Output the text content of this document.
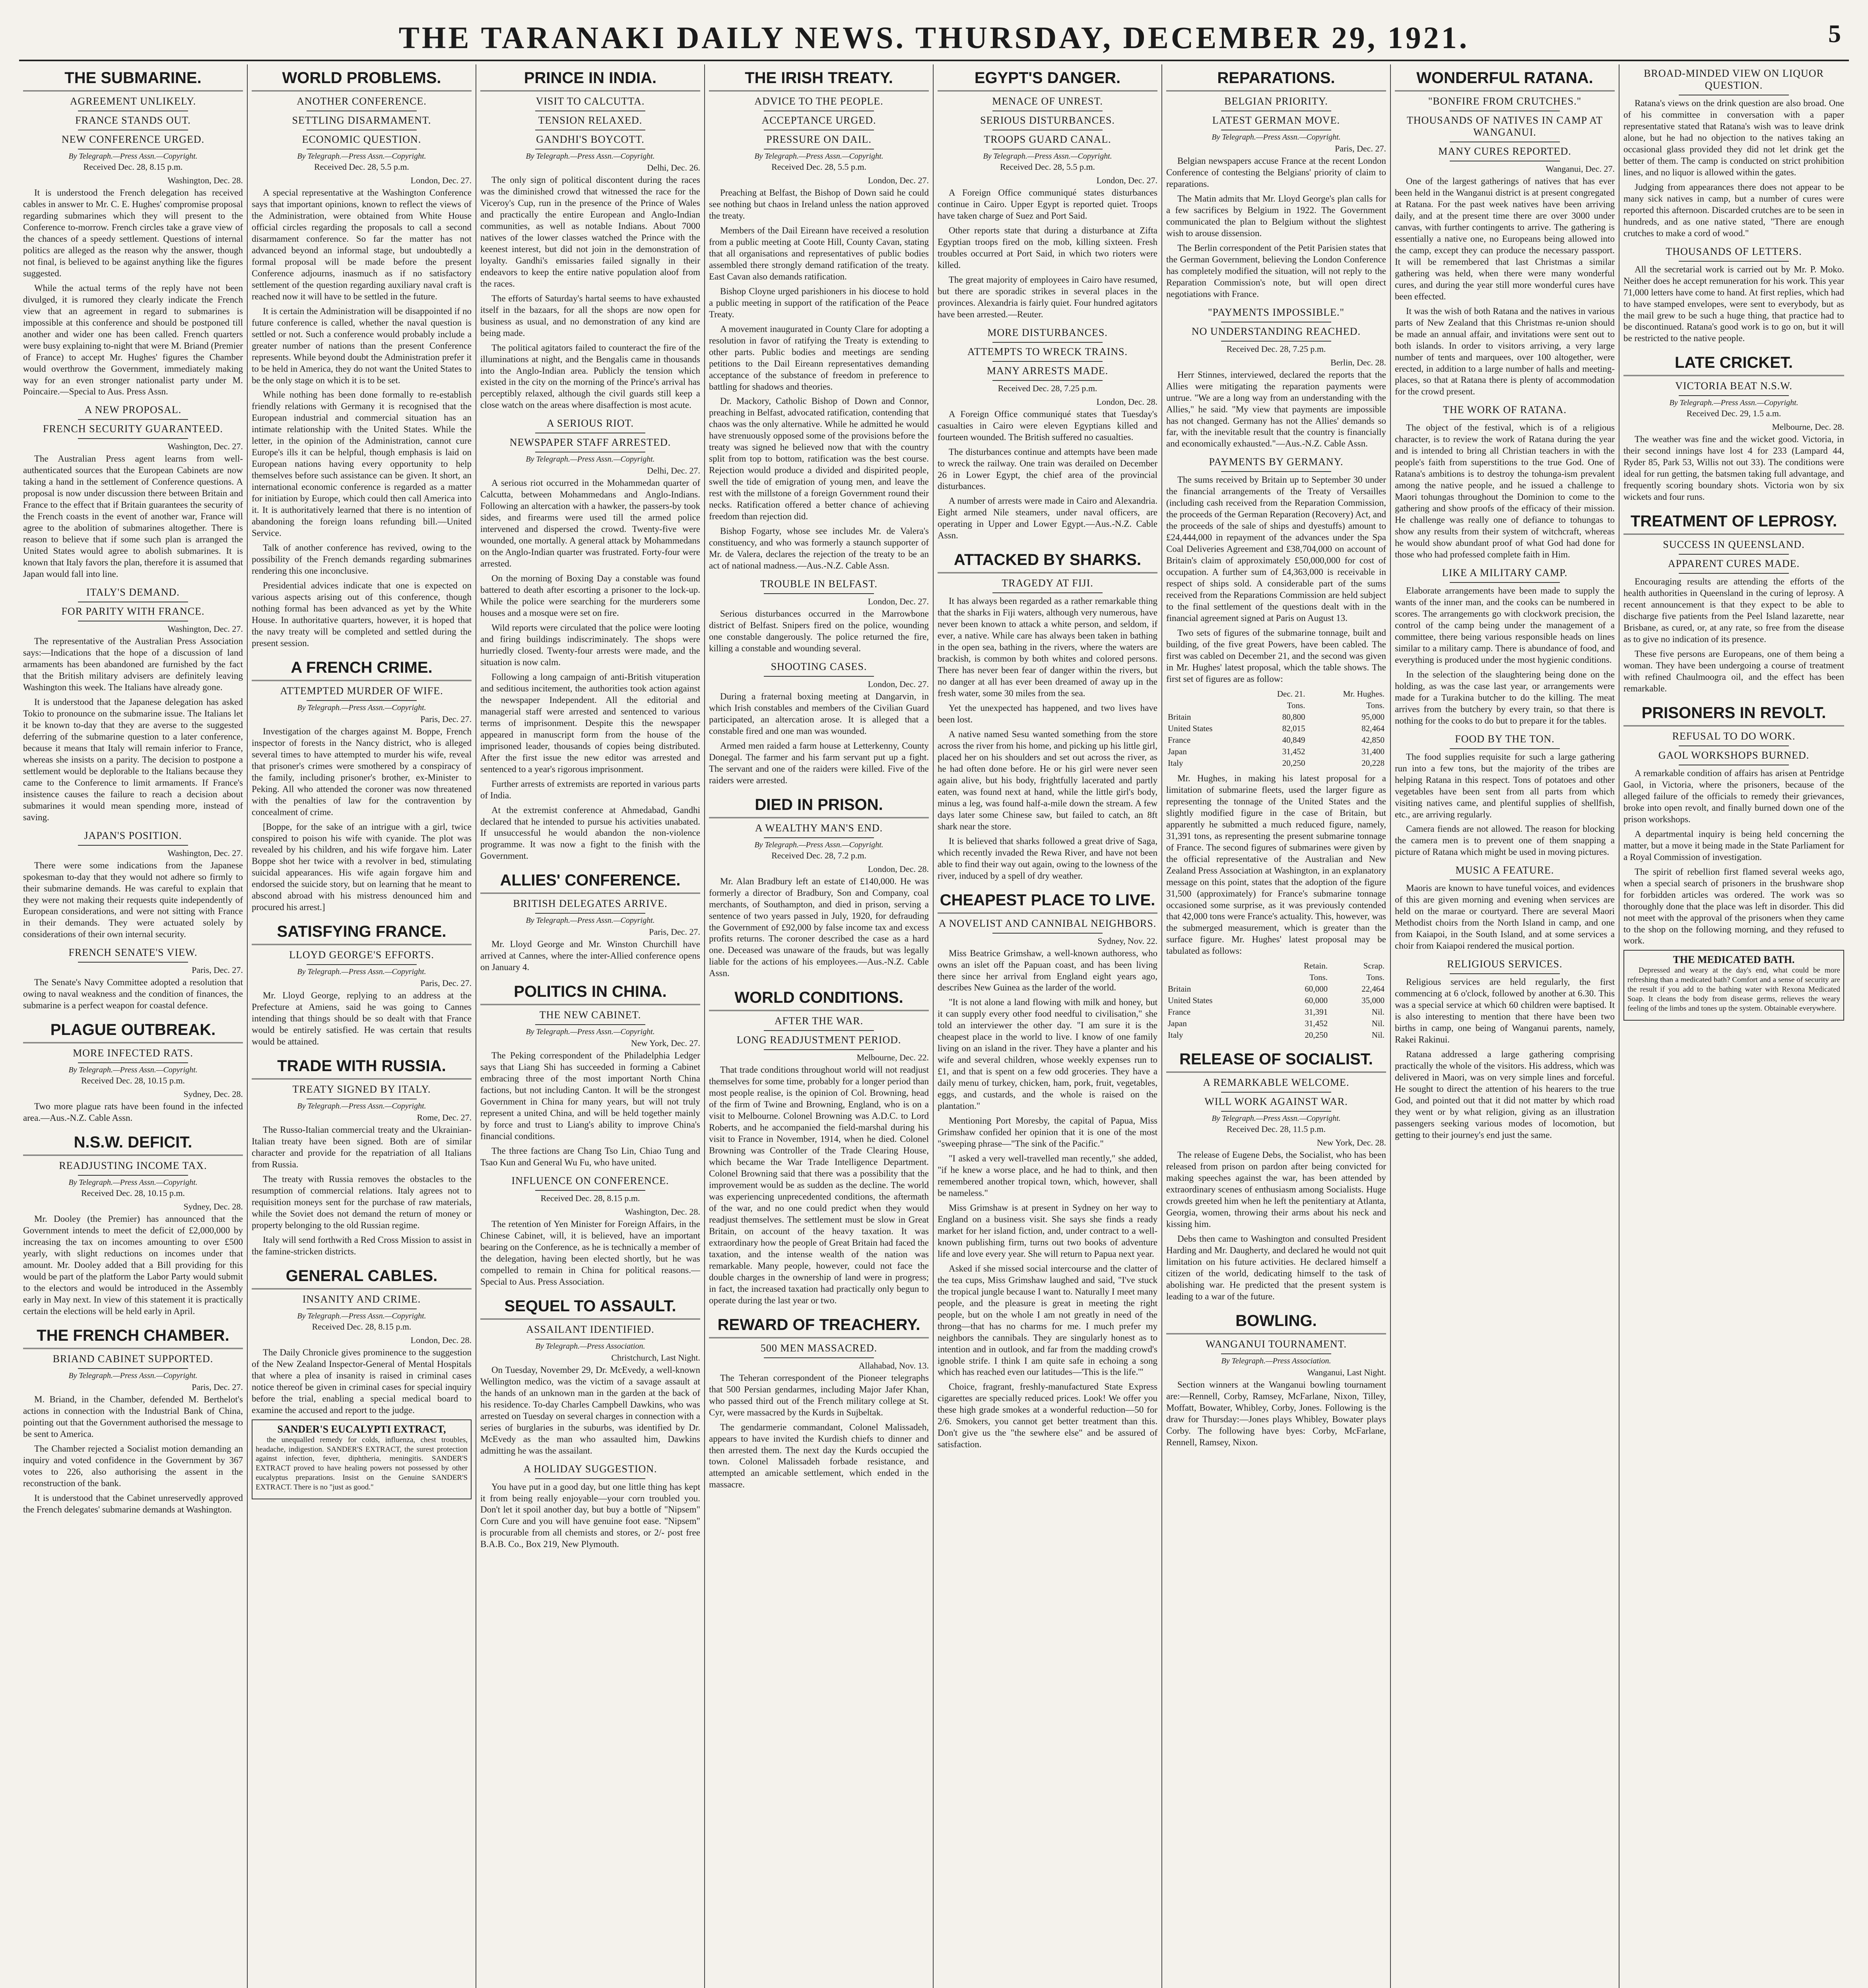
THE TARANAKI DAILY NEWS. THURSDAY, DECEMBER 29, 1921.	5
THE SUBMARINE.
AGREEMENT UNLIKELY.
FRANCE STANDS OUT.
NEW CONFERENCE URGED.
By Telegraph.—Press Assn.—Copyright.
Received Dec. 28, 8.15 p.m.
Washington, Dec. 28.

It is understood the French delegation has received cables in answer to Mr. C. E. Hughes' compromise proposal regarding submarines which they will present to the Conference to-morrow. French circles take a grave view of the chances of a speedy settlement. Questions of internal politics are alleged as the reason why the answer, though not final, is believed to be against anything like the figures suggested.

While the actual terms of the reply have not been divulged, it is rumored they clearly indicate the French view that an agreement in regard to submarines is impossible at this conference and should be postponed till another and wider one has been called. French quarters were busy explaining to-night that were M. Briand (Premier of France) to accept Mr. Hughes' figures the Chamber would overthrow the Government, immediately making way for an even stronger nationalist party under M. Poincaire.—Special to Aus. Press Assn.

A NEW PROPOSAL.
FRENCH SECURITY GUARANTEED.
Washington, Dec. 27.

The Australian Press agent learns from well-authenticated sources that the European Cabinets are now taking a hand in the settlement of Conference questions. A proposal is now under discussion there between Britain and France to the effect that if Britain guarantees the security of the French coasts in the event of another war, France will agree to the abolition of submarines altogether. There is reason to believe that if some such plan is arranged the United States would agree to abolish submarines. It is known that Italy favors the plan, therefore it is assumed that Japan would fall into line.

ITALY'S DEMAND.
FOR PARITY WITH FRANCE.
Washington, Dec. 27.

The representative of the Australian Press Association says:—Indications that the hope of a discussion of land armaments has been abandoned are furnished by the fact that the British military advisers are definitely leaving Washington this week. The Italians have already gone.

It is understood that the Japanese delegation has asked Tokio to pronounce on the submarine issue. The Italians let it be known to-day that they are averse to the suggested deferring of the submarine question to a later conference, because it means that Italy will remain inferior to France, whereas she insists on a parity. The decision to postpone a settlement would be deplorable to the Italians because they came to the Conference to limit armaments. If France's insistence causes the failure to reach a decision about submarines it would mean spending more, instead of saving.

JAPAN'S POSITION.
Washington, Dec. 27.

There were some indications from the Japanese spokesman to-day that they would not adhere so firmly to their submarine demands. He was careful to explain that they were not making their requests quite independently of European considerations, and were not sitting with France in their demands. They were actuated solely by considerations of their own internal security.

FRENCH SENATE'S VIEW.
Paris, Dec. 27.

The Senate's Navy Committee adopted a resolution that owing to naval weakness and the condition of finances, the submarine is a perfect weapon for coastal defence.

PLAGUE OUTBREAK.
MORE INFECTED RATS.
By Telegraph.—Press Assn.—Copyright.
Received Dec. 28, 10.15 p.m.
Sydney, Dec. 28.

Two more plague rats have been found in the infected area.—Aus.-N.Z. Cable Assn.

N.S.W. DEFICIT.
READJUSTING INCOME TAX.
By Telegraph.—Press Assn.—Copyright.
Received Dec. 28, 10.15 p.m.
Sydney, Dec. 28.

Mr. Dooley (the Premier) has announced that the Government intends to meet the deficit of £2,000,000 by increasing the tax on incomes amounting to over £500 yearly, with slight reductions on incomes under that amount. Mr. Dooley added that a Bill providing for this would be part of the platform the Labor Party would submit to the electors and would be introduced in the Assembly early in May next. In view of this statement it is practically certain the elections will be held early in April.

THE FRENCH CHAMBER.
BRIAND CABINET SUPPORTED.
By Telegraph.—Press Assn.—Copyright.
Paris, Dec. 27.

M. Briand, in the Chamber, defended M. Berthelot's actions in connection with the Industrial Bank of China, pointing out that the Government authorised the message to be sent to America.

The Chamber rejected a Socialist motion demanding an inquiry and voted confidence in the Government by 367 votes to 226, also authorising the assent in the reconstruction of the bank.

It is understood that the Cabinet unreservedly approved the French delegates' submarine demands at Washington.

WORLD PROBLEMS.
ANOTHER CONFERENCE.
SETTLING DISARMAMENT.
ECONOMIC QUESTION.
By Telegraph.—Press Assn.—Copyright.
Received Dec. 28, 5.5 p.m.
London, Dec. 27.

A special representative at the Washington Conference says that important opinions, known to reflect the views of the Administration, were obtained from White House official circles regarding the proposals to call a second disarmament conference. So far the matter has not advanced beyond an informal stage, but undoubtedly a formal proposal will be made before the present Conference adjourns, inasmuch as if no satisfactory settlement of the question regarding auxiliary naval craft is reached now it will have to be settled in the future.

It is certain the Administration will be disappointed if no future conference is called, whether the naval question is settled or not. Such a conference would probably include a greater number of nations than the present Conference represents. While beyond doubt the Administration prefer it to be held in America, they do not want the United States to be the only stage on which it is to be set.

While nothing has been done formally to re-establish friendly relations with Germany it is recognised that the European industrial and commercial situation has an intimate relationship with the United States. While the letter, in the opinion of the Administration, cannot cure Europe's ills it can be helpful, though emphasis is laid on European nations having every opportunity to help themselves before such assistance can be given. It short, an international economic conference is regarded as a matter for initiation by Europe, which could then call America into it. It is authoritatively learned that there is no intention of abandoning the foreign loans refunding bill.—United Service.

Talk of another conference has revived, owing to the possibility of the French demands regarding submarines rendering this one inconclusive.

Presidential advices indicate that one is expected on various aspects arising out of this conference, though nothing formal has been advanced as yet by the White House. In authoritative quarters, however, it is hoped that the navy treaty will be completed and settled during the present session.

A FRENCH CRIME.
ATTEMPTED MURDER OF WIFE.
By Telegraph.—Press Assn.—Copyright.
Paris, Dec. 27.

Investigation of the charges against M. Boppe, French inspector of forests in the Nancy district, who is alleged several times to have attempted to murder his wife, reveal that prisoner's crimes were smothered by a conspiracy of the family, including prisoner's brother, ex-Minister to Peking. All who attended the coroner was now threatened with the penalties of law for the contravention by concealment of crime.

[Boppe, for the sake of an intrigue with a girl, twice conspired to poison his wife with cyanide. The plot was revealed by his children, and his wife forgave him. Later Boppe shot her twice with a revolver in bed, stimulating suicidal appearances. His wife again forgave him and endorsed the suicide story, but on learning that he meant to abscond abroad with his mistress denounced him and procured his arrest.]

SATISFYING FRANCE.
LLOYD GEORGE'S EFFORTS.
By Telegraph.—Press Assn.—Copyright.
Paris, Dec. 27.

Mr. Lloyd George, replying to an address at the Prefecture at Amiens, said he was going to Cannes intending that things should be so dealt with that France would be entirely satisfied. He was certain that results would be attained.

TRADE WITH RUSSIA.
TREATY SIGNED BY ITALY.
By Telegraph.—Press Assn.—Copyright.
Rome, Dec. 27.

The Russo-Italian commercial treaty and the Ukrainian-Italian treaty have been signed. Both are of similar character and provide for the repatriation of all Italians from Russia.

The treaty with Russia removes the obstacles to the resumption of commercial relations. Italy agrees not to requisition moneys sent for the purchase of raw materials, while the Soviet does not demand the return of money or property belonging to the old Russian regime.

Italy will send forthwith a Red Cross Mission to assist in the famine-stricken districts.

GENERAL CABLES.
INSANITY AND CRIME.
By Telegraph.—Press Assn.—Copyright.
Received Dec. 28, 8.15 p.m.
London, Dec. 28.

The Daily Chronicle gives prominence to the suggestion of the New Zealand Inspector-General of Mental Hospitals that where a plea of insanity is raised in criminal cases notice thereof be given in criminal cases for special inquiry before the trial, enabling a special medical board to examine the accused and report to the judge.

SANDER'S EUCALYPTI EXTRACT,

the unequalled remedy for colds, influenza, chest troubles, headache, indigestion. SANDER'S EXTRACT, the surest protection against infection, fever, diphtheria, meningitis. SANDER'S EXTRACT proved to have healing powers not possessed by other eucalyptus preparations. Insist on the Genuine SANDER'S EXTRACT. There is no "just as good."

PRINCE IN INDIA.
VISIT TO CALCUTTA.
TENSION RELAXED.
GANDHI'S BOYCOTT.
By Telegraph.—Press Assn.—Copyright.
Delhi, Dec. 26.

The only sign of political discontent during the races was the diminished crowd that witnessed the race for the Viceroy's Cup, run in the presence of the Prince of Wales and practically the entire European and Anglo-Indian communities, as well as notable Indians. About 7000 natives of the lower classes watched the Prince with the keenest interest, but did not join in the demonstration of loyalty. Gandhi's emissaries failed signally in their endeavors to keep the entire native population aloof from the races.

The efforts of Saturday's hartal seems to have exhausted itself in the bazaars, for all the shops are now open for business as usual, and no demonstration of any kind are being made.

The political agitators failed to counteract the fire of the illuminations at night, and the Bengalis came in thousands into the Anglo-Indian area. Publicly the tension which existed in the city on the morning of the Prince's arrival has perceptibly relaxed, although the civil guards still keep a close watch on the areas where disaffection is most acute.

A SERIOUS RIOT.
NEWSPAPER STAFF ARRESTED.
By Telegraph.—Press Assn.—Copyright.
Delhi, Dec. 27.

A serious riot occurred in the Mohammedan quarter of Calcutta, between Mohammedans and Anglo-Indians. Following an altercation with a hawker, the passers-by took sides, and firearms were used till the armed police intervened and dispersed the crowd. Twenty-five were wounded, one mortally. A general attack by Mohammedans on the Anglo-Indian quarter was frustrated. Forty-four were arrested.

On the morning of Boxing Day a constable was found battered to death after escorting a prisoner to the lock-up. While the police were searching for the murderers some houses and a mosque were set on fire.

Wild reports were circulated that the police were looting and firing buildings indiscriminately. The shops were hurriedly closed. Twenty-four arrests were made, and the situation is now calm.

Following a long campaign of anti-British vituperation and seditious incitement, the authorities took action against the newspaper Independent. All the editorial and managerial staff were arrested and sentenced to various terms of imprisonment. Despite this the newspaper appeared in manuscript form from the house of the imprisoned leader, thousands of copies being distributed. After the first issue the new editor was arrested and sentenced to a year's rigorous imprisonment.

Further arrests of extremists are reported in various parts of India.

At the extremist conference at Ahmedabad, Gandhi declared that he intended to pursue his activities unabated. If unsuccessful he would abandon the non-violence programme. It was now a fight to the finish with the Government.

ALLIES' CONFERENCE.
BRITISH DELEGATES ARRIVE.
By Telegraph.—Press Assn.—Copyright.
Paris, Dec. 27.

Mr. Lloyd George and Mr. Winston Churchill have arrived at Cannes, where the inter-Allied conference opens on January 4.

POLITICS IN CHINA.
THE NEW CABINET.
By Telegraph.—Press Assn.—Copyright.
New York, Dec. 27.

The Peking correspondent of the Philadelphia Ledger says that Liang Shi has succeeded in forming a Cabinet embracing three of the most important North China factions, but not including Canton. It will be the strongest Government in China for many years, but will not truly represent a united China, and will be held together mainly by force and trust to Liang's ability to improve China's financial conditions.

The three factions are Chang Tso Lin, Chiao Tung and Tsao Kun and General Wu Fu, who have united.

INFLUENCE ON CONFERENCE.
Received Dec. 28, 8.15 p.m.
Washington, Dec. 28.

The retention of Yen Minister for Foreign Affairs, in the Chinese Cabinet, will, it is believed, have an important bearing on the Conference, as he is technically a member of the delegation, having been elected shortly, but he was compelled to remain in China for political reasons.—Special to Aus. Press Association.

SEQUEL TO ASSAULT.
ASSAILANT IDENTIFIED.
By Telegraph.—Press Association.
Christchurch, Last Night.

On Tuesday, November 29, Dr. McEvedy, a well-known Wellington medico, was the victim of a savage assault at the hands of an unknown man in the garden at the back of his residence. To-day Charles Campbell Dawkins, who was arrested on Tuesday on several charges in connection with a series of burglaries in the suburbs, was identified by Dr. McEvedy as the man who assaulted him, Dawkins admitting he was the assailant.

A HOLIDAY SUGGESTION.

You have put in a good day, but one little thing has kept it from being really enjoyable—your corn troubled you. Don't let it spoil another day, but buy a bottle of "Nipsem" Corn Cure and you will have genuine foot ease. "Nipsem" is procurable from all chemists and stores, or 2/- post free B.A.B. Co., Box 219, New Plymouth.

THE IRISH TREATY.
ADVICE TO THE PEOPLE.
ACCEPTANCE URGED.
PRESSURE ON DAIL.
By Telegraph.—Press Assn.—Copyright.
Received Dec. 28, 5.5 p.m.
London, Dec. 27.

Preaching at Belfast, the Bishop of Down said he could see nothing but chaos in Ireland unless the nation approved the treaty.

Members of the Dail Eireann have received a resolution from a public meeting at Coote Hill, County Cavan, stating that all organisations and representatives of public bodies assembled there strongly demand ratification of the treaty. East Cavan also demands ratification.

Bishop Cloyne urged parishioners in his diocese to hold a public meeting in support of the ratification of the Peace Treaty.

A movement inaugurated in County Clare for adopting a resolution in favor of ratifying the Treaty is extending to other parts. Public bodies and meetings are sending petitions to the Dail Eireann representatives demanding acceptance of the substance of freedom in preference to battling for shadows and theories.

Dr. Mackory, Catholic Bishop of Down and Connor, preaching in Belfast, advocated ratification, contending that chaos was the only alternative. While he admitted he would have strenuously opposed some of the provisions before the treaty was signed he believed now that with the country split from top to bottom, ratification was the best course. Rejection would produce a divided and dispirited people, swell the tide of emigration of young men, and leave the rest with the millstone of a foreign Government round their necks. Ratification offered a better chance of achieving freedom than rejection did.

Bishop Fogarty, whose see includes Mr. de Valera's constituency, and who was formerly a staunch supporter of Mr. de Valera, declares the rejection of the treaty to be an act of national madness.—Aus.-N.Z. Cable Assn.

TROUBLE IN BELFAST.
London, Dec. 27.

Serious disturbances occurred in the Marrowbone district of Belfast. Snipers fired on the police, wounding one constable dangerously. The police returned the fire, killing a constable and wounding several.

SHOOTING CASES.
London, Dec. 27.

During a fraternal boxing meeting at Dangarvin, in which Irish constables and members of the Civilian Guard participated, an altercation arose. It is alleged that a constable fired and one man was wounded.

Armed men raided a farm house at Letterkenny, County Donegal. The farmer and his farm servant put up a fight. The servant and one of the raiders were killed. Five of the raiders were arrested.

DIED IN PRISON.
A WEALTHY MAN'S END.
By Telegraph.—Press Assn.—Copyright.
Received Dec. 28, 7.2 p.m.
London, Dec. 28.

Mr. Alan Bradbury left an estate of £140,000. He was formerly a director of Bradbury, Son and Company, coal merchants, of Southampton, and died in prison, serving a sentence of two years passed in July, 1920, for defrauding the Government of £92,000 by false income tax and excess profits returns. The coroner described the case as a hard one. Deceased was unaware of the frauds, but was legally liable for the actions of his employees.—Aus.-N.Z. Cable Assn.

WORLD CONDITIONS.
AFTER THE WAR.
LONG READJUSTMENT PERIOD.
Melbourne, Dec. 22.

That trade conditions throughout world will not readjust themselves for some time, probably for a longer period than most people realise, is the opinion of Col. Browning, head of the firm of Twine and Browning, England, who is on a visit to Melbourne. Colonel Browning was A.D.C. to Lord Roberts, and he accompanied the field-marshal during his visit to France in November, 1914, when he died. Colonel Browning was Controller of the Trade Clearing House, which became the War Trade Intelligence Department. Colonel Browning said that there was a possibility that the improvement would be as sudden as the decline. The world was experiencing unprecedented conditions, the aftermath of the war, and no one could predict when they would readjust themselves. The settlement must be slow in Great Britain, on account of the heavy taxation. It was extraordinary how the people of Great Britain had faced the taxation, and the intense wealth of the nation was remarkable. Many people, however, could not face the double charges in the ownership of land were in progress; in fact, the increased taxation had practically only begun to operate during the last year or two.

REWARD OF TREACHERY.
500 MEN MASSACRED.
Allahabad, Nov. 13.

The Teheran correspondent of the Pioneer telegraphs that 500 Persian gendarmes, including Major Jafer Khan, who passed third out of the French military college at St. Cyr, were massacred by the Kurds in Sujbeltak.

The gendarmerie commandant, Colonel Malissadeh, appears to have invited the Kurdish chiefs to dinner and then arrested them. The next day the Kurds occupied the town. Colonel Malissadeh forbade resistance, and attempted an amicable settlement, which ended in the massacre.

EGYPT'S DANGER.
MENACE OF UNREST.
SERIOUS DISTURBANCES.
TROOPS GUARD CANAL.
By Telegraph.—Press Assn.—Copyright.
Received Dec. 28, 5.5 p.m.
London, Dec. 27.

A Foreign Office communiqué states disturbances continue in Cairo. Upper Egypt is reported quiet. Troops have taken charge of Suez and Port Said.

Other reports state that during a disturbance at Zifta Egyptian troops fired on the mob, killing sixteen. Fresh troubles occurred at Port Said, in which two rioters were killed.

The great majority of employees in Cairo have resumed, but there are sporadic strikes in several places in the provinces. Alexandria is fairly quiet. Four hundred agitators have been arrested.—Reuter.

MORE DISTURBANCES.
ATTEMPTS TO WRECK TRAINS.
MANY ARRESTS MADE.
Received Dec. 28, 7.25 p.m.
London, Dec. 28.

A Foreign Office communiqué states that Tuesday's casualties in Cairo were eleven Egyptians killed and fourteen wounded. The British suffered no casualties.

The disturbances continue and attempts have been made to wreck the railway. One train was derailed on December 26 in Lower Egypt, the chief area of the provincial disturbances.

A number of arrests were made in Cairo and Alexandria. Eight armed Nile steamers, under naval officers, are operating in Upper and Lower Egypt.—Aus.-N.Z. Cable Assn.

ATTACKED BY SHARKS.
TRAGEDY AT FIJI.

It has always been regarded as a rather remarkable thing that the sharks in Fiji waters, although very numerous, have never been known to attack a white person, and seldom, if ever, a native. While care has always been taken in bathing in the open sea, bathing in the rivers, where the waters are brackish, is common by both whites and colored persons. There has never been fear of danger within the rivers, but no danger at all has ever been dreamed of away up in the fresh water, some 30 miles from the sea.

Yet the unexpected has happened, and two lives have been lost.

A native named Sesu wanted something from the store across the river from his home, and picking up his little girl, placed her on his shoulders and set out across the river, as he had often done before. He or his girl were never seen again alive, but his body, frightfully lacerated and partly eaten, was found next at hand, while the little girl's body, minus a leg, was found half-a-mile down the stream. A few days later some Chinese saw, but failed to catch, an 8ft shark near the store.

It is believed that sharks followed a great drive of Saga, which recently invaded the Rewa River, and have not been able to find their way out again, owing to the lowness of the river, induced by a spell of dry weather.

CHEAPEST PLACE TO LIVE.
A NOVELIST AND CANNIBAL NEIGHBORS.
Sydney, Nov. 22.

Miss Beatrice Grimshaw, a well-known authoress, who owns an islet off the Papuan coast, and has been living there since her arrival from England eight years ago, describes New Guinea as the larder of the world.

"It is not alone a land flowing with milk and honey, but it can supply every other food needful to civilisation," she told an interviewer the other day. "I am sure it is the cheapest place in the world to live. I know of one family living on an island in the river. They have a planter and his wife and several children, whose weekly expenses run to £1, and that is spent on a few odd groceries. They have a daily menu of turkey, chicken, ham, pork, fruit, vegetables, eggs, and custards, and the whole is raised on the plantation."

Mentioning Port Moresby, the capital of Papua, Miss Grimshaw confided her opinion that it is one of the most "sweeping phrase—"The sink of the Pacific."

"I asked a very well-travelled man recently," she added, "if he knew a worse place, and he had to think, and then remembered another tropical town, which, however, shall be nameless."

Miss Grimshaw is at present in Sydney on her way to England on a business visit. She says she finds a ready market for her island fiction, and, under contract to a well-known publishing firm, turns out two books of adventure life and love every year. She will return to Papua next year.

Asked if she missed social intercourse and the clatter of the tea cups, Miss Grimshaw laughed and said, "I've stuck the tropical jungle because I want to. Naturally I meet many people, and the pleasure is great in meeting the right people, but on the whole I am not greatly in need of the throng—that has no charms for me. I much prefer my neighbors the cannibals. They are singularly honest as to intention and in outlook, and far from the madding crowd's ignoble strife. I think I am quite safe in echoing a song which has reached even our latitudes—'This is the life.'"

Choice, fragrant, freshly-manufactured State Express cigarettes are specially reduced prices. Look! We offer you these high grade smokes at a wonderful reduction—50 for 2/6. Smokers, you cannot get better treatment than this. Don't give us the "the sewhere else" and be assured of satisfaction.

REPARATIONS.
BELGIAN PRIORITY.
LATEST GERMAN MOVE.
By Telegraph.—Press Assn.—Copyright.
Paris, Dec. 27.

Belgian newspapers accuse France at the recent London Conference of contesting the Belgians' priority of claim to reparations.

The Matin admits that Mr. Lloyd George's plan calls for a few sacrifices by Belgium in 1922. The Government communicated the plan to Belgium without the slightest wish to arouse dissension.

The Berlin correspondent of the Petit Parisien states that the German Government, believing the London Conference has completely modified the situation, will not reply to the Reparation Commission's note, but will open direct negotiations with France.

"PAYMENTS IMPOSSIBLE."
NO UNDERSTANDING REACHED.
Received Dec. 28, 7.25 p.m.
Berlin, Dec. 28.

Herr Stinnes, interviewed, declared the reports that the Allies were mitigating the reparation payments were untrue. "We are a long way from an understanding with the Allies," he said. "My view that payments are impossible has not changed. Germany has not the Allies' demands so far, with the inevitable result that the country is financially and economically exhausted."—Aus.-N.Z. Cable Assn.

PAYMENTS BY GERMANY.

The sums received by Britain up to September 30 under the financial arrangements of the Treaty of Versailles (including cash received from the Reparation Commission, the proceeds of the German Reparation (Recovery) Act, and the proceeds of the sale of ships and dyestuffs) amount to £24,444,000 in repayment of the advances under the Spa Coal Deliveries Agreement and £38,704,000 on account of Britain's claim of approximately £50,000,000 for cost of occupation. A further sum of £4,363,000 is receivable in respect of ships sold. A considerable part of the sums received from the Reparations Commission are held subject to the final settlement of the questions dealt with in the financial agreement signed at Paris on August 13.

Two sets of figures of the submarine tonnage, built and building, of the five great Powers, have been cabled. The first was cabled on December 21, and the second was given in Mr. Hughes' latest proposal, which the table shows. The first set of figures are as follow:

	Dec. 21.	Mr. Hughes.
	Tons.	Tons.
Britain	80,800	95,000
United States	82,015	82,464
France	40,849	42,850
Japan	31,452	31,400
Italy	20,250	20,228

Mr. Hughes, in making his latest proposal for a limitation of submarine fleets, used the larger figure as representing the tonnage of the United States and the slightly modified figure in the case of Britain, but apparently he submitted a much reduced figure, namely, 31,391 tons, as representing the present submarine tonnage of France. The second figures of submarines were given by the official representative of the Australian and New Zealand Press Association at Washington, in an explanatory message on this point, states that the adoption of the figure 31,500 (approximately) for France's submarine tonnage occasioned some surprise, as it was previously contended that 42,000 tons were France's actuality. This, however, was the submerged measurement, which is greater than the surface figure. Mr. Hughes' latest proposal may be tabulated as follows:

	Retain.	Scrap.
	Tons.	Tons.
Britain	60,000	22,464
United States	60,000	35,000
France	31,391	Nil.
Japan	31,452	Nil.
Italy	20,250	Nil.
RELEASE OF SOCIALIST.
A REMARKABLE WELCOME.
WILL WORK AGAINST WAR.
By Telegraph.—Press Assn.—Copyright.
Received Dec. 28, 11.5 p.m.
New York, Dec. 28.

The release of Eugene Debs, the Socialist, who has been released from prison on pardon after being convicted for making speeches against the war, has been attended by extraordinary scenes of enthusiasm among Socialists. Huge crowds greeted him when he left the penitentiary at Atlanta, Georgia, women, throwing their arms about his neck and kissing him.

Debs then came to Washington and consulted President Harding and Mr. Daugherty, and declared he would not quit limitation on his future activities. He declared himself a citizen of the world, dedicating himself to the task of abolishing war. He predicted that the present system is leading to a war of the future.

BOWLING.
WANGANUI TOURNAMENT.
By Telegraph.—Press Association.
Wanganui, Last Night.

Section winners at the Wanganui bowling tournament are:—Rennell, Corby, Ramsey, McFarlane, Nixon, Tilley, Moffatt, Bowater, Whibley, Corby, Jones. Following is the draw for Thursday:—Jones plays Whibley, Bowater plays Corby. The following have byes: Corby, McFarlane, Rennell, Ramsey, Nixon.

WONDERFUL RATANA.
"BONFIRE FROM CRUTCHES."
THOUSANDS OF NATIVES IN CAMP AT WANGANUI.
MANY CURES REPORTED.
Wanganui, Dec. 27.

One of the largest gatherings of natives that has ever been held in the Wanganui district is at present congregated at Ratana. For the past week natives have been arriving daily, and at the present time there are over 3000 under canvas, with further contingents to arrive. The gathering is essentially a native one, no Europeans being allowed into the camp, except they can produce the necessary passport. It will be remembered that last Christmas a similar gathering was held, when there were many wonderful cures, and during the year still more wonderful cures have been effected.

It was the wish of both Ratana and the natives in various parts of New Zealand that this Christmas re-union should be made an annual affair, and invitations were sent out to both islands. In order to visitors arriving, a very large number of tents and marquees, over 100 altogether, were erected, in addition to a large number of halls and meeting-places, so that at Ratana there is plenty of accommodation for the crowd present.

THE WORK OF RATANA.

The object of the festival, which is of a religious character, is to review the work of Ratana during the year and is intended to bring all Christian teachers in with the people's faith from superstitions to the true God. One of Ratana's ambitions is to destroy the tohunga-ism prevalent among the native people, and he issued a challenge to Maori tohungas throughout the Dominion to come to the gathering and show proofs of the efficacy of their mission. He challenge was really one of defiance to tohungas to show any results from their system of witchcraft, whereas he would show abundant proof of what God had done for those who had professed complete faith in Him.

LIKE A MILITARY CAMP.

Elaborate arrangements have been made to supply the wants of the inner man, and the cooks can be numbered in scores. The arrangements go with clockwork precision, the control of the camp being under the management of a committee, there being various responsible heads on lines similar to a military camp. There is abundance of food, and everything is produced under the most hygienic conditions.

In the selection of the slaughtering being done on the holding, as was the case last year, or arrangements were made for a Turakina butcher to do the killing. The meat arrives from the butchery by every train, so that there is nothing for the cooks to do but to prepare it for the tables.

FOOD BY THE TON.

The food supplies requisite for such a large gathering run into a few tons, but the majority of the tribes are helping Ratana in this respect. Tons of potatoes and other vegetables have been sent from all parts from which visiting natives came, and plentiful supplies of shellfish, etc., are arriving regularly.

Camera fiends are not allowed. The reason for blocking the camera men is to prevent one of them snapping a picture of Ratana which might be used in moving pictures.

MUSIC A FEATURE.

Maoris are known to have tuneful voices, and evidences of this are given morning and evening when services are held on the marae or courtyard. There are several Maori Methodist choirs from the North Island in camp, and one from Kaiapoi, in the South Island, and at some services a choir from Kaiapoi rendered the musical portion.

RELIGIOUS SERVICES.

Religious services are held regularly, the first commencing at 6 o'clock, followed by another at 6.30. This was a special service at which 60 children were baptised. It is also interesting to mention that there have been two births in camp, one being of Wanganui parents, namely, Rakei Rakinui.

Ratana addressed a large gathering comprising practically the whole of the visitors. His address, which was delivered in Maori, was on very simple lines and forceful. He sought to direct the attention of his hearers to the true God, and pointed out that it did not matter by which road they went or by what religion, giving as an illustration passengers seeking various modes of locomotion, but getting to their journey's end just the same.

BROAD-MINDED VIEW ON LIQUOR QUESTION.

Ratana's views on the drink question are also broad. One of his committee in conversation with a paper representative stated that Ratana's wish was to leave drink alone, but he had no objection to the natives taking an occasional glass provided they did not let drink get the better of them. The camp is conducted on strict prohibition lines, and no liquor is allowed within the gates.

Judging from appearances there does not appear to be many sick natives in camp, but a number of cures were reported this afternoon. Discarded crutches are to be seen in hundreds, and as one native stated, "There are enough crutches to make a cord of wood."

THOUSANDS OF LETTERS.

All the secretarial work is carried out by Mr. P. Moko. Neither does he accept remuneration for his work. This year 71,000 letters have come to hand. At first replies, which had to have stamped envelopes, were sent to everybody, but as the mail grew to be such a huge thing, that practice had to be discontinued. Ratana's good work is to go on, but it will be restricted to the native people.

LATE CRICKET.
VICTORIA BEAT N.S.W.
By Telegraph.—Press Assn.—Copyright.
Received Dec. 29, 1.5 a.m.
Melbourne, Dec. 28.

The weather was fine and the wicket good. Victoria, in their second innings have lost 4 for 233 (Lampard 44, Ryder 85, Park 53, Willis not out 33). The conditions were ideal for run getting, the batsmen taking full advantage, and frequently scoring boundary shots. Victoria won by six wickets and four runs.

TREATMENT OF LEPROSY.
SUCCESS IN QUEENSLAND.
APPARENT CURES MADE.

Encouraging results are attending the efforts of the health authorities in Queensland in the curing of leprosy. A recent announcement is that they expect to be able to discharge five patients from the Peel Island lazarette, near Brisbane, as cured, or, at any rate, so free from the disease as to give no indication of its presence.

These five persons are Europeans, one of them being a woman. They have been undergoing a course of treatment with refined Chaulmoogra oil, and the effect has been remarkable.

PRISONERS IN REVOLT.
REFUSAL TO DO WORK.
GAOL WORKSHOPS BURNED.

A remarkable condition of affairs has arisen at Pentridge Gaol, in Victoria, where the prisoners, because of the alleged failure of the officials to remedy their grievances, broke into open revolt, and finally burned down one of the prison workshops.

A departmental inquiry is being held concerning the matter, but a move it being made in the State Parliament for a Royal Commission of investigation.

The spirit of rebellion first flamed several weeks ago, when a special search of prisoners in the brushware shop for forbidden articles was ordered. The work was so thoroughly done that the place was left in disorder. This did not meet with the approval of the prisoners when they came to the shop on the following morning, and they refused to work.

THE MEDICATED BATH.

Depressed and weary at the day's end, what could be more refreshing than a medicated bath? Comfort and a sense of security are the result if you add to the bathing water with Rexona Medicated Soap. It cleans the body from disease germs, relieves the weary feeling of the limbs and tones up the system. Obtainable everywhere.
